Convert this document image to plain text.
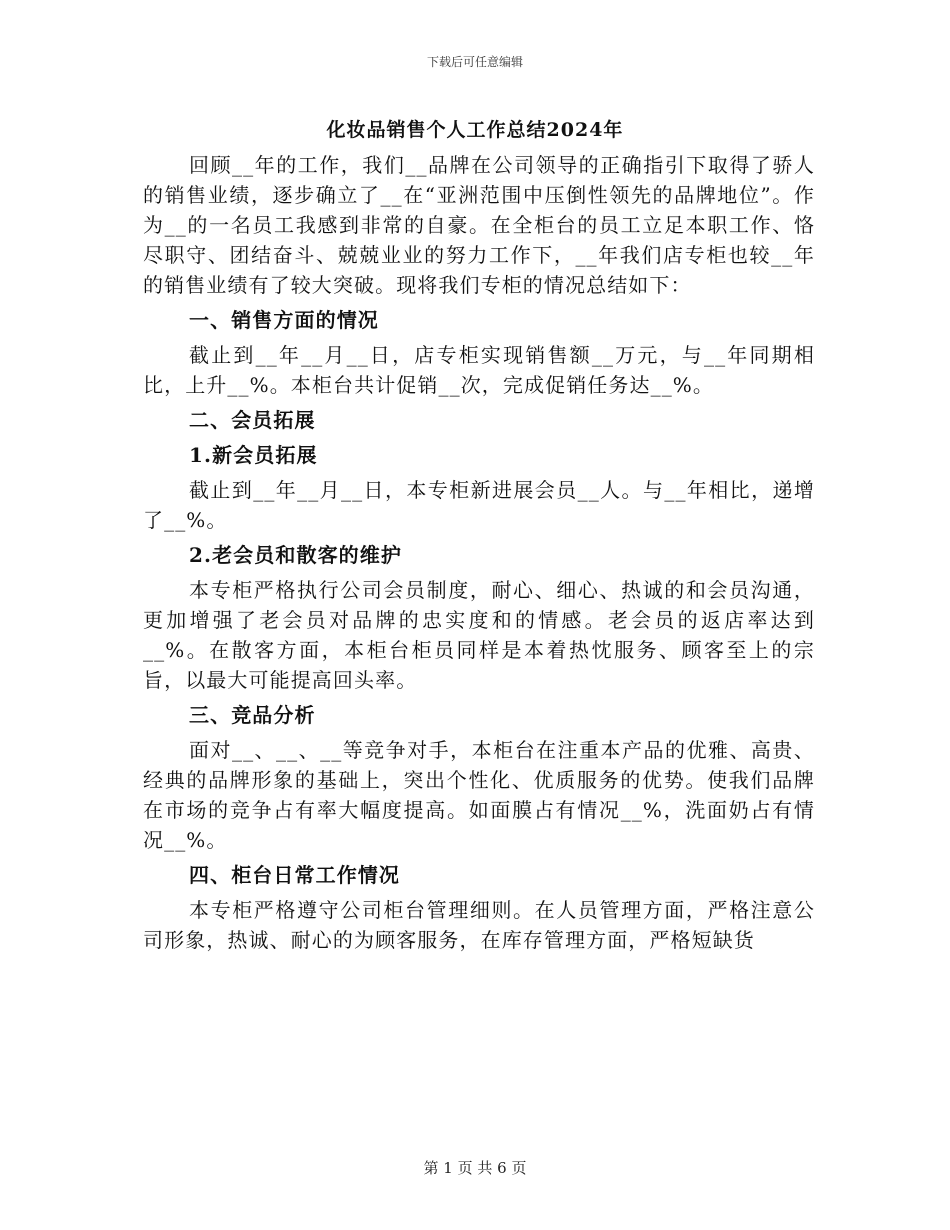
下载后可任意编辑
化妆品销售个人工作总结2024年
回顾__年的工作，我们__品牌在公司领导的正确指引下取得了骄人的销售业绩，逐步确立了__在“亚洲范围中压倒性领先的品牌地位”。作为__的一名员工我感到非常的自豪。在全柜台的员工立足本职工作、恪尽职守、团结奋斗、兢兢业业的努力工作下，__年我们店专柜也较__年的销售业绩有了较大突破。现将我们专柜的情况总结如下：
一、销售方面的情况
截止到__年__月__日，店专柜实现销售额__万元，与__年同期相比，上升__%。本柜台共计促销__次，完成促销任务达__%。
二、会员拓展
1.新会员拓展
截止到__年__月__日，本专柜新进展会员__人。与__年相比，递增了__%。
2.老会员和散客的维护
本专柜严格执行公司会员制度，耐心、细心、热诚的和会员沟通，更加增强了老会员对品牌的忠实度和的情感。老会员的返店率达到__%。在散客方面，本柜台柜员同样是本着热忱服务、顾客至上的宗旨，以最大可能提高回头率。
三、竞品分析
面对__、__、__等竞争对手，本柜台在注重本产品的优雅、高贵、经典的品牌形象的基础上，突出个性化、优质服务的优势。使我们品牌在市场的竞争占有率大幅度提高。如面膜占有情况__%，洗面奶占有情况__%。
四、柜台日常工作情况
本专柜严格遵守公司柜台管理细则。在人员管理方面，严格注意公司形象，热诚、耐心的为顾客服务，在库存管理方面，严格短缺货
第 1 页 共 6 页
